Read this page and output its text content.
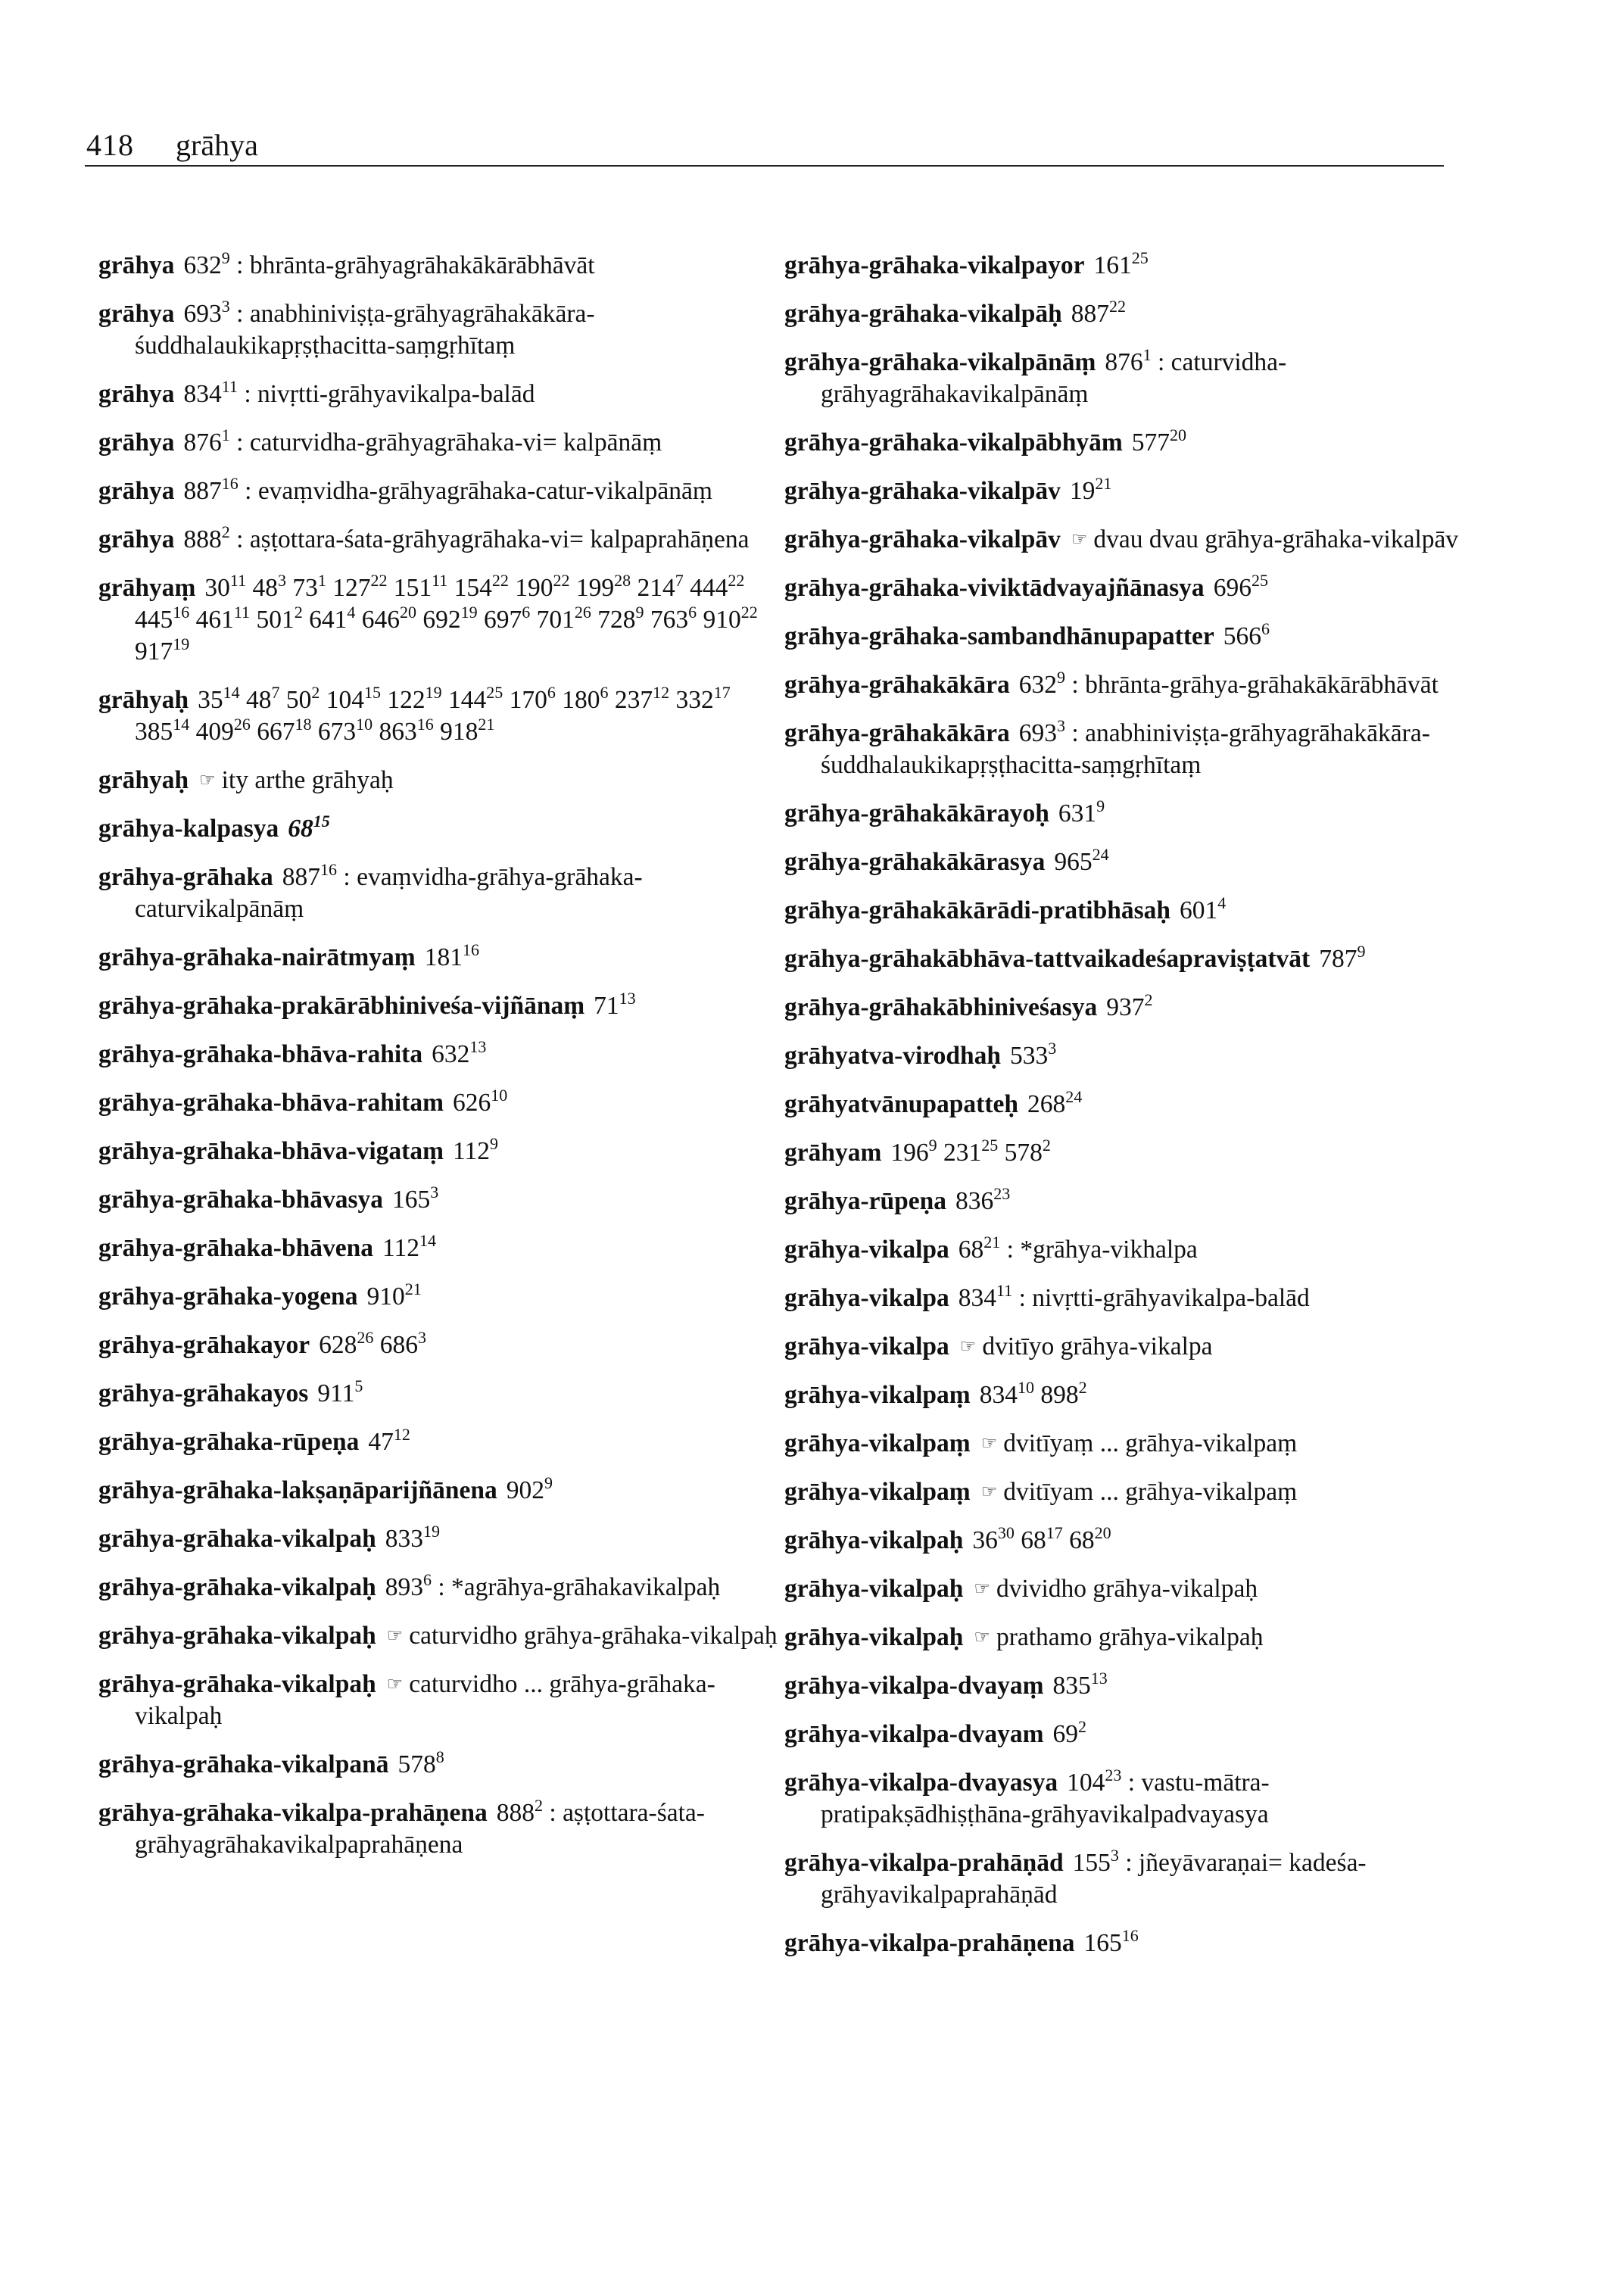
418 grāhya
grāhya $632^9$ : bhrānta-grāhyagrāhakākārābhāvāt
grāhya $693^3$ : anabhiniviṣṭa-grāhyagrāhakākāra-śuddhalaukikapṛṣṭhacitta-saṃgṛhītaṃ
grāhya $834^{11}$ : nivṛtti-grāhyavikalpa-balād
grāhya $876^1$ : caturvidha-grāhyagrāhaka-vi= kalpānāṃ
grāhya $887^{16}$ : evaṃvidha-grāhyagrāhaka-catur-vikalpānāṃ
grāhya $888^2$ : aṣṭottara-śata-grāhyagrāhaka-vi= kalpaprahāṇena
grāhyaṃ $30^{11}$ $48^3$ $73^1$ $127^{22}$ $151^{11}$ $154^{22}$ $190^{22}$ $199^{28}$ $214^7$ $444^{22}$ $445^{16}$ $461^{11}$ $501^2$ $641^4$ $646^{20}$ $692^{19}$ $697^6$ $701^{26}$ $728^9$ $763^6$ $910^{22}$ $917^{19}$
grāhyaḥ $35^{14}$ $48^7$ $50^2$ $104^{15}$ $122^{19}$ $144^{25}$ $170^6$ $180^6$ $237^{12}$ $332^{17}$ $385^{14}$ $409^{26}$ $667^{18}$ $673^{10}$ $863^{16}$ $918^{21}$
grāhyaḥ ☞ ity arthe grāhyaḥ
grāhya-kalpasya $68^{15}$
grāhya-grāhaka $887^{16}$ : evaṃvidha-grāhya-grāhaka-caturvikalpānāṃ
grāhya-grāhaka-nairātmyaṃ $181^{16}$
grāhya-grāhaka-prakārābhiniveśa-vijñānaṃ $71^{13}$
grāhya-grāhaka-bhāva-rahita $632^{13}$
grāhya-grāhaka-bhāva-rahitam $626^{10}$
grāhya-grāhaka-bhāva-vigataṃ $112^9$
grāhya-grāhaka-bhāvasya $165^3$
grāhya-grāhaka-bhāvena $112^{14}$
grāhya-grāhaka-yogena $910^{21}$
grāhya-grāhakayor $628^{26}$ $686^3$
grāhya-grāhakayos $911^5$
grāhya-grāhaka-rūpeṇa $47^{12}$
grāhya-grāhaka-lakṣaṇāparijñānena $902^9$
grāhya-grāhaka-vikalpaḥ $833^{19}$
grāhya-grāhaka-vikalpaḥ $893^6$ : *agrāhya-grāhakavikalpaḥ
grāhya-grāhaka-vikalpaḥ ☞ caturvidho grāhya-grāhaka-vikalpaḥ
grāhya-grāhaka-vikalpaḥ ☞ caturvidho ... grāhya-grāhaka-vikalpaḥ
grāhya-grāhaka-vikalpanā $578^8$
grāhya-grāhaka-vikalpa-prahāṇena $888^2$ : aṣṭottara-śata-grāhyagrāhakavikalpaprahāṇena
grāhya-grāhaka-vikalpayor $161^{25}$
grāhya-grāhaka-vikalpāḥ $887^{22}$
grāhya-grāhaka-vikalpānāṃ $876^1$ : caturvidha-grāhyagrāhakavikalpānāṃ
grāhya-grāhaka-vikalpābhyām $577^{20}$
grāhya-grāhaka-vikalpāv $19^{21}$
grāhya-grāhaka-vikalpāv ☞ dvau dvau grāhya-grāhaka-vikalpāv
grāhya-grāhaka-viviktādvayajñānasya $696^{25}$
grāhya-grāhaka-sambandhānupapatter $566^6$
grāhya-grāhakākāra $632^9$ : bhrānta-grāhya-grāhakākārābhāvāt
grāhya-grāhakākāra $693^3$ : anabhiniviṣṭa-grāhyagrāhakākāra-śuddhalaukikapṛṣṭhacitta-saṃgṛhītaṃ
grāhya-grāhakākārayoḥ $631^9$
grāhya-grāhakākārasya $965^{24}$
grāhya-grāhakākārādi-pratibhāsaḥ $601^4$
grāhya-grāhakābhāva-tattvaikadeśapraviṣṭatvāt $787^9$
grāhya-grāhakābhiniveśasya $937^2$
grāhyatva-virodhaḥ $533^3$
grāhyatvānupapatteḥ $268^{24}$
grāhyam $196^9$ $231^{25}$ $578^2$
grāhya-rūpeṇa $836^{23}$
grāhya-vikalpa $68^{21}$ : *grāhya-vikhalpa
grāhya-vikalpa $834^{11}$ : nivṛtti-grāhyavikalpa-balād
grāhya-vikalpa ☞ dvitīyo grāhya-vikalpa
grāhya-vikalpaṃ $834^{10}$ $898^2$
grāhya-vikalpaṃ ☞ dvitīyaṃ ... grāhya-vikalpaṃ
grāhya-vikalpaṃ ☞ dvitīyam ... grāhya-vikalpaṃ
grāhya-vikalpaḥ $36^{30}$ $68^{17}$ $68^{20}$
grāhya-vikalpaḥ ☞ dvividho grāhya-vikalpaḥ
grāhya-vikalpaḥ ☞ prathamo grāhya-vikalpaḥ
grāhya-vikalpa-dvayaṃ $835^{13}$
grāhya-vikalpa-dvayam $69^2$
grāhya-vikalpa-dvayasya $104^{23}$ : vastu-mātra-pratipakṣādhiṣṭhāna-grāhyavikalpadvayasya
grāhya-vikalpa-prahāṇād $155^3$ : jñeyāvaraṇai= kadeśa-grāhyavikalpaprahāṇād
grāhya-vikalpa-prahāṇena $165^{16}$
